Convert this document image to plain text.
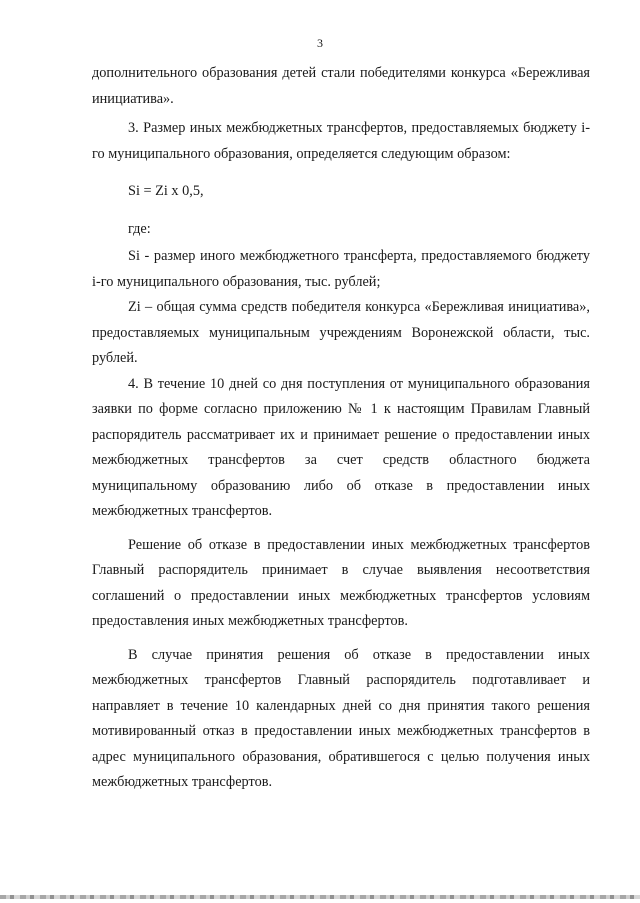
3

дополнительного образования детей стали победителями конкурса «Бережливая инициатива».

3. Размер иных межбюджетных трансфертов, предоставляемых бюджету i-го муниципального образования, определяется следующим образом:

Si = Zi x 0,5,

где:

Si - размер иного межбюджетного трансферта, предоставляемого бюджету i-го муниципального образования, тыс. рублей;

Zi – общая сумма средств победителя конкурса «Бережливая инициатива», предоставляемых муниципальным учреждениям Воронежской области, тыс. рублей.

4. В течение 10 дней со дня поступления от муниципального образования заявки по форме согласно приложению № 1 к настоящим Правилам Главный распорядитель рассматривает их и принимает решение о предоставлении иных межбюджетных трансфертов за счет средств областного бюджета муниципальному образованию либо об отказе в предоставлении иных межбюджетных трансфертов.

Решение об отказе в предоставлении иных межбюджетных трансфертов Главный распорядитель принимает в случае выявления несоответствия соглашений о предоставлении иных межбюджетных трансфертов условиям предоставления иных межбюджетных трансфертов.

В случае принятия решения об отказе в предоставлении иных межбюджетных трансфертов Главный распорядитель подготавливает и направляет в течение 10 календарных дней со дня принятия такого решения мотивированный отказ в предоставлении иных межбюджетных трансфертов в адрес муниципального образования, обратившегося с целью получения иных межбюджетных трансфертов.
